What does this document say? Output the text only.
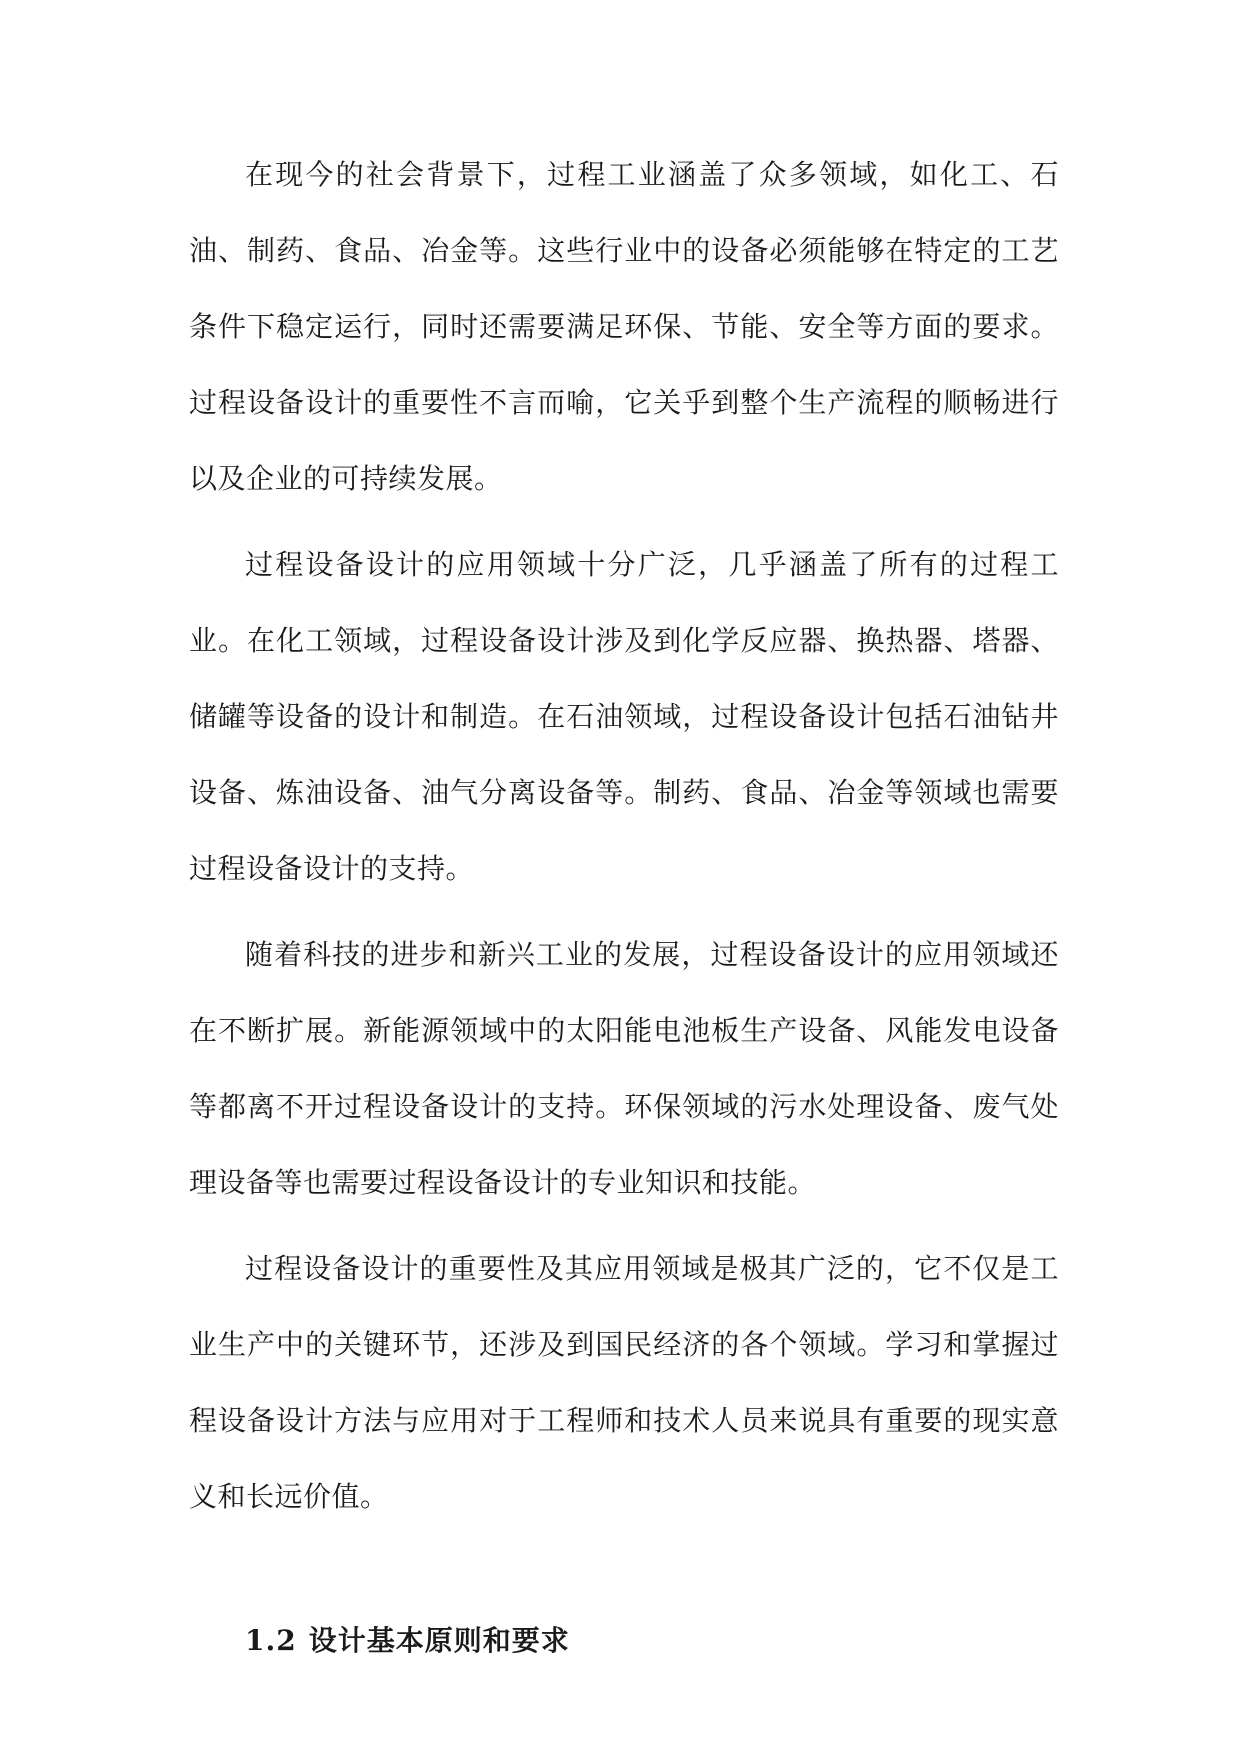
在现今的社会背景下，过程工业涵盖了众多领域，如化工、石油、制药、食品、冶金等。这些行业中的设备必须能够在特定的工艺条件下稳定运行，同时还需要满足环保、节能、安全等方面的要求。过程设备设计的重要性不言而喻，它关乎到整个生产流程的顺畅进行以及企业的可持续发展。

过程设备设计的应用领域十分广泛，几乎涵盖了所有的过程工业。在化工领域，过程设备设计涉及到化学反应器、换热器、塔器、储罐等设备的设计和制造。在石油领域，过程设备设计包括石油钻井设备、炼油设备、油气分离设备等。制药、食品、冶金等领域也需要过程设备设计的支持。

随着科技的进步和新兴工业的发展，过程设备设计的应用领域还在不断扩展。新能源领域中的太阳能电池板生产设备、风能发电设备等都离不开过程设备设计的支持。环保领域的污水处理设备、废气处理设备等也需要过程设备设计的专业知识和技能。

过程设备设计的重要性及其应用领域是极其广泛的，它不仅是工业生产中的关键环节，还涉及到国民经济的各个领域。学习和掌握过程设备设计方法与应用对于工程师和技术人员来说具有重要的现实意义和长远价值。

1.2 设计基本原则和要求
